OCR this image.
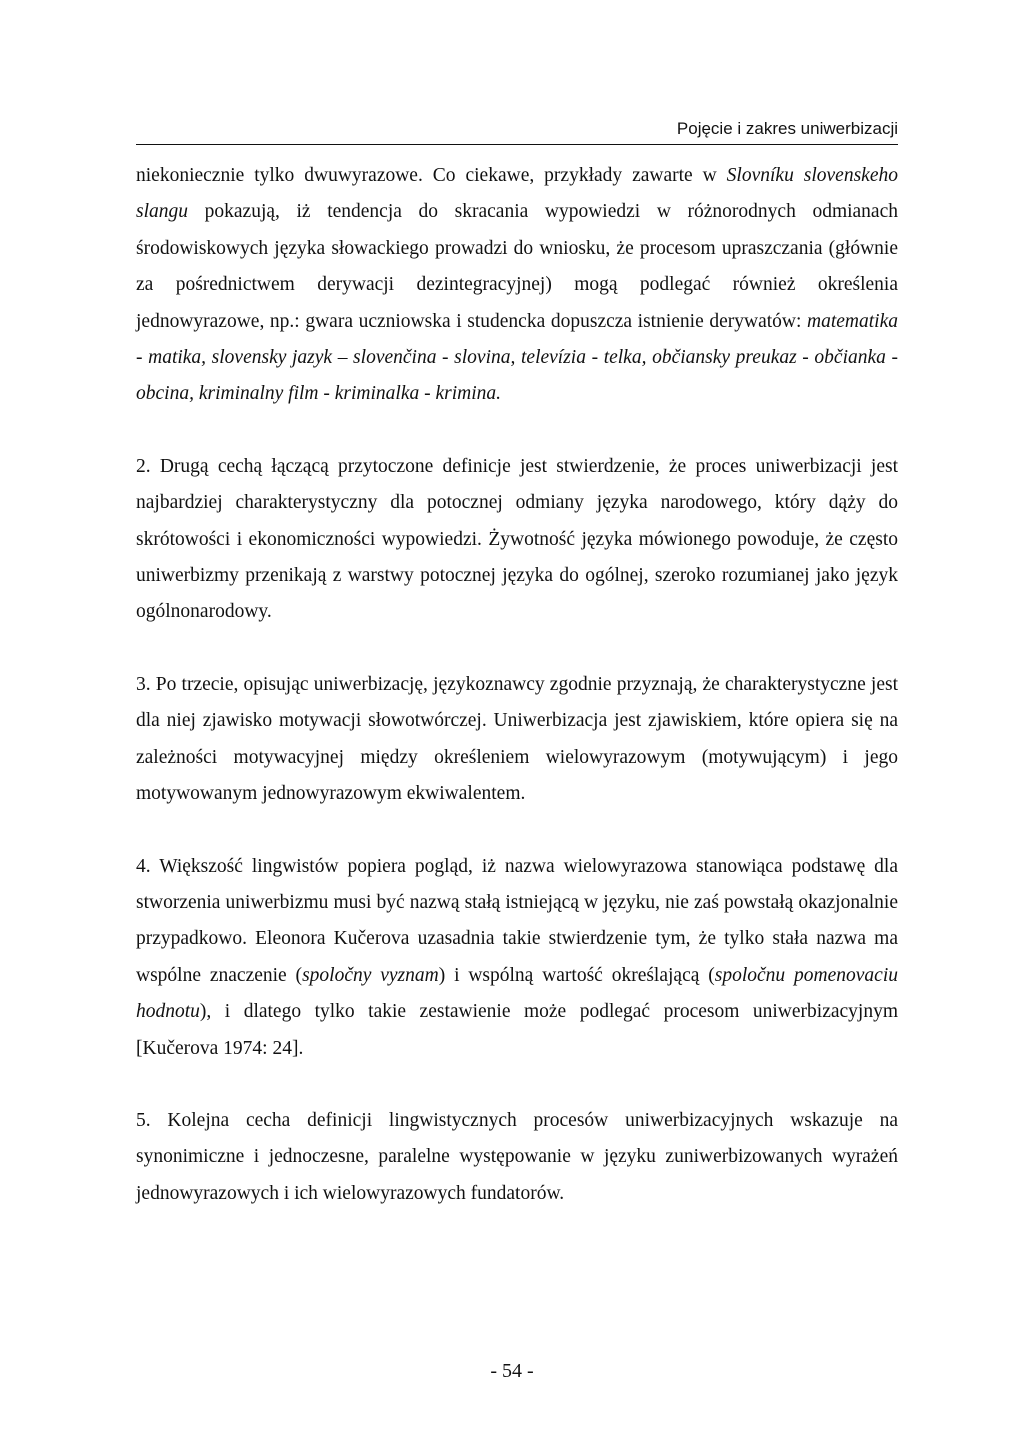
Pojęcie i zakres uniwerbizacji

niekoniecznie tylko dwuwyrazowe. Co ciekawe, przykłady zawarte w Slovníku slovenskeho slangu pokazują, iż tendencja do skracania wypowiedzi w różnorodnych odmianach środowiskowych języka słowackiego prowadzi do wniosku, że procesom upraszczania (głównie za pośrednictwem derywacji dezintegracyjnej) mogą podlegać również określenia jednowyrazowe, np.: gwara uczniowska i studencka dopuszcza istnienie derywatów: matematika - matika, slovensky jazyk – slovenčina - slovina, televízia - telka, občiansky preukaz - občianka - obcina, kriminalny film - kriminalka - krimina.

2. Drugą cechą łączącą przytoczone definicje jest stwierdzenie, że proces uniwerbizacji jest najbardziej charakterystyczny dla potocznej odmiany języka narodowego, który dąży do skrótowości i ekonomiczności wypowiedzi. Żywotność języka mówionego powoduje, że często uniwerbizmy przenikają z warstwy potocznej języka do ogólnej, szeroko rozumianej jako język ogólnonarodowy.

3. Po trzecie, opisując uniwerbizację, językoznawcy zgodnie przyznają, że charakterystyczne jest dla niej zjawisko motywacji słowotwórczej. Uniwerbizacja jest zjawiskiem, które opiera się na zależności motywacyjnej między określeniem wielowyrazowym (motywującym) i jego motywowanym jednowyrazowym ekwiwalentem.

4. Większość lingwistów popiera pogląd, iż nazwa wielowyrazowa stanowiąca podstawę dla stworzenia uniwerbizmu musi być nazwą stałą istniejącą w języku, nie zaś powstałą okazjonalnie przypadkowo. Eleonora Kučerova uzasadnia takie stwierdzenie tym, że tylko stała nazwa ma wspólne znaczenie (spoločny vyznam) i wspólną wartość określającą (spoločnu pomenovaciu hodnotu), i dlatego tylko takie zestawienie może podlegać procesom uniwerbizacyjnym [Kučerova 1974: 24].

5. Kolejna cecha definicji lingwistycznych procesów uniwerbizacyjnych wskazuje na synonimiczne i jednoczesne, paralelne występowanie w języku zuniwerbizowanych wyrażeń jednowyrazowych i ich wielowyrazowych fundatorów.

- 54 -
